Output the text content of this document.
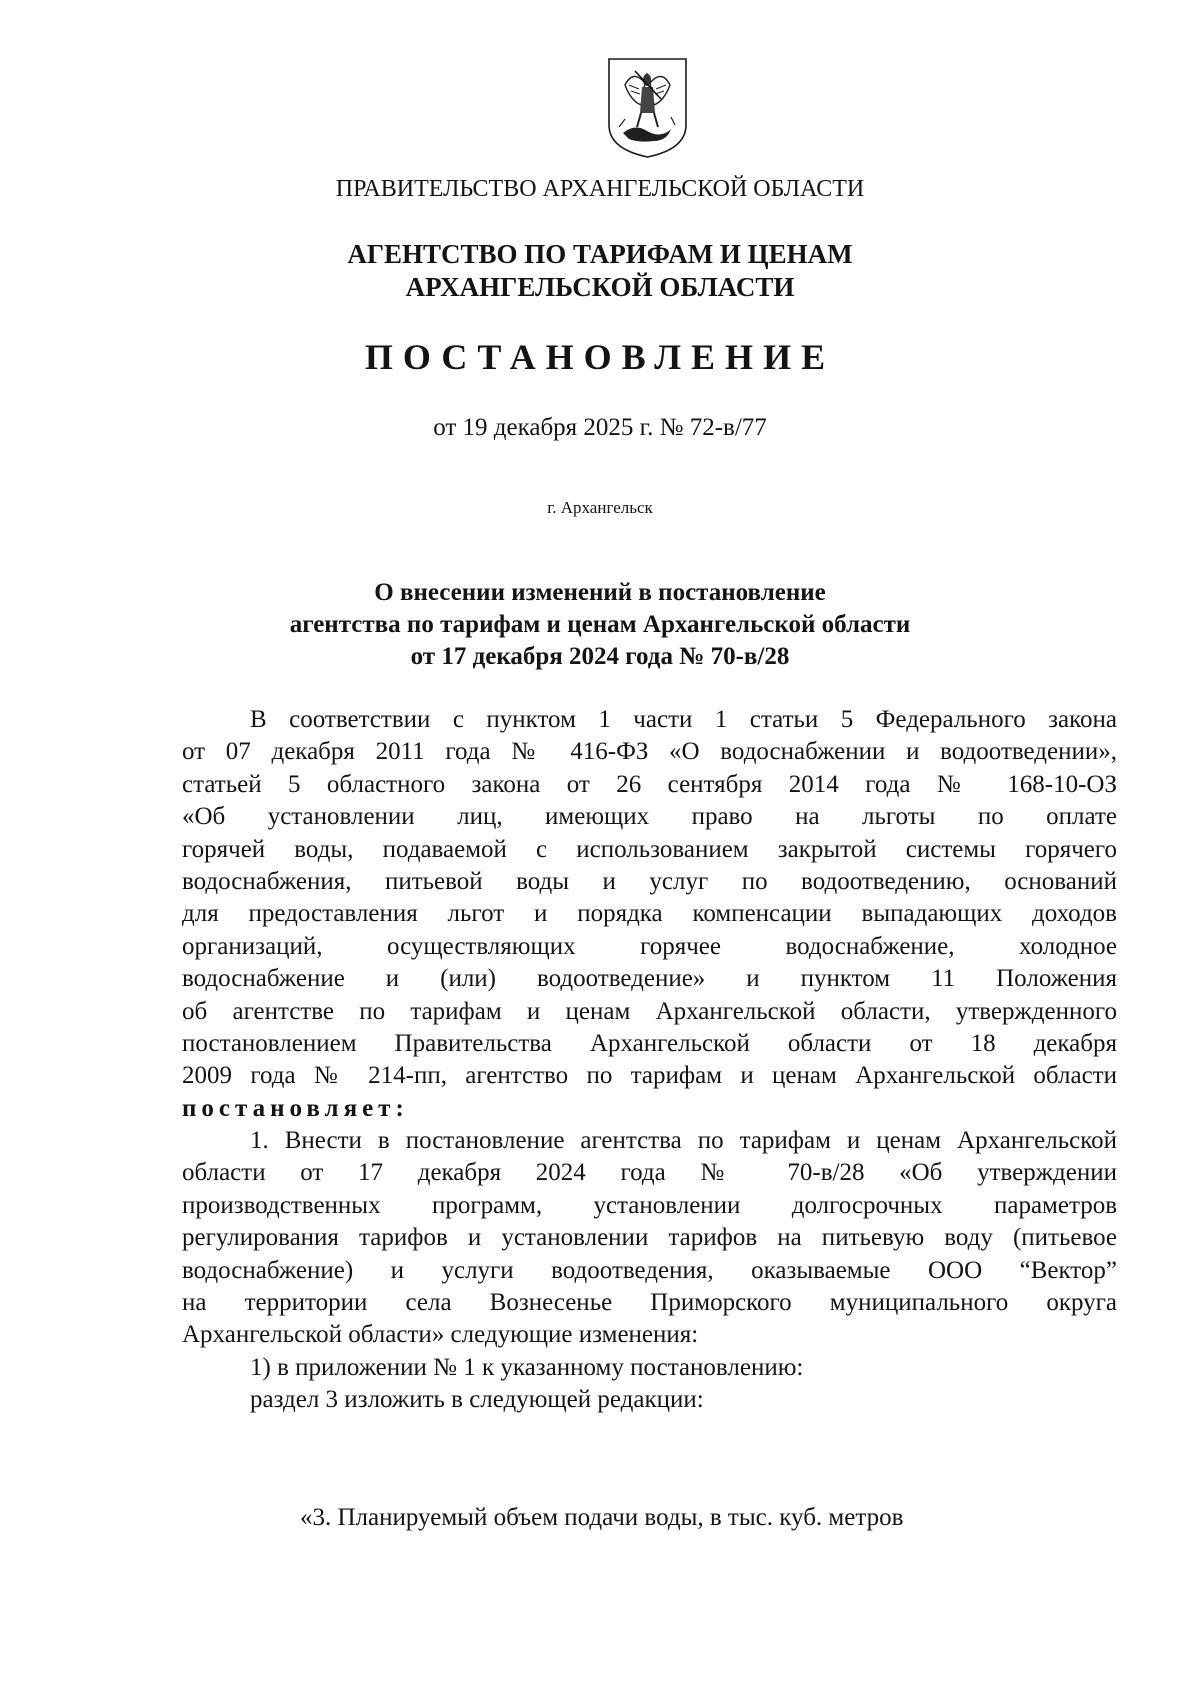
ПРАВИТЕЛЬСТВО АРХАНГЕЛЬСКОЙ ОБЛАСТИ
АГЕНТСТВО ПО ТАРИФАМ И ЦЕНАМ
АРХАНГЕЛЬСКОЙ ОБЛАСТИ
ПОСТАНОВЛЕНИЕ
от 19 декабря 2025 г. № 72-в/77
г. Архангельск
О внесении изменений в постановление
агентства по тарифам и ценам Архангельской области
от 17 декабря 2024 года № 70-в/28
В соответствии с пунктом 1 части 1 статьи 5 Федерального закона
от 07 декабря 2011 года № 416-ФЗ «О водоснабжении и водоотведении»,
статьей 5 областного закона от 26 сентября 2014 года № 168-10-ОЗ
«Об установлении лиц, имеющих право на льготы по оплате
горячей воды, подаваемой с использованием закрытой системы горячего
водоснабжения, питьевой воды и услуг по водоотведению, оснований
для предоставления льгот и порядка компенсации выпадающих доходов
организаций, осуществляющих горячее водоснабжение, холодное
водоснабжение и (или) водоотведение» и пунктом 11 Положения
об агентстве по тарифам и ценам Архангельской области, утвержденного
постановлением Правительства Архангельской области от 18 декабря
2009 года № 214-пп, агентство по тарифам и ценам Архангельской области
постановляет:
1. Внести в постановление агентства по тарифам и ценам Архангельской
области от 17 декабря 2024 года № 70-в/28 «Об утверждении
производственных программ, установлении долгосрочных параметров
регулирования тарифов и установлении тарифов на питьевую воду (питьевое
водоснабжение) и услуги водоотведения, оказываемые ООО “Вектор”
на территории села Вознесенье Приморского муниципального округа
Архангельской области» следующие изменения:
1) в приложении № 1 к указанному постановлению:
раздел 3 изложить в следующей редакции:
«3. Планируемый объем подачи воды, в тыс. куб. метров
